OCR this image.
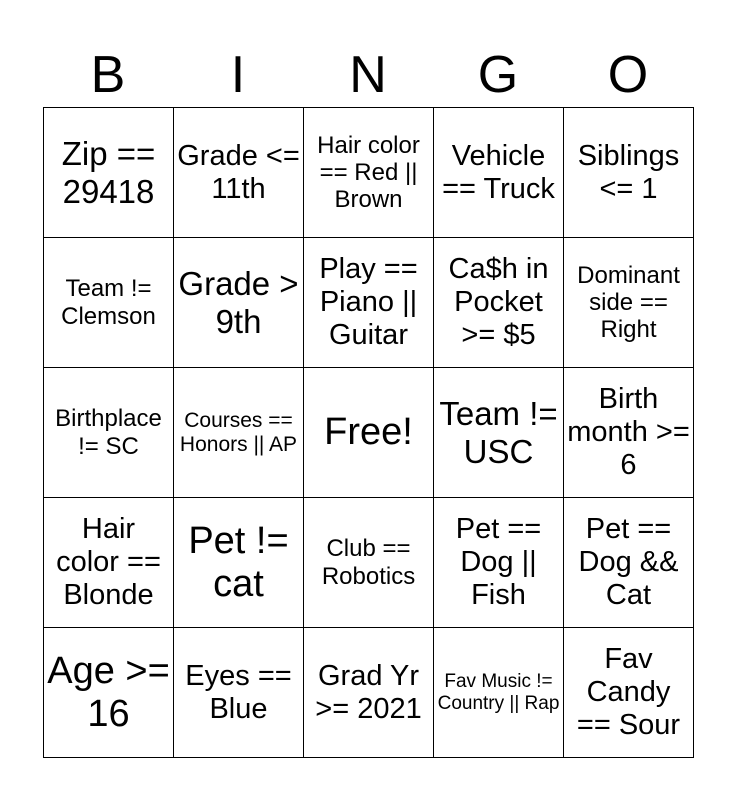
B	I	N	G	O
Zip == 29418	Grade <= 11th	Hair color == Red || Brown	Vehicle == Truck	Siblings <= 1
Team != Clemson	Grade > 9th	Play == Piano || Guitar	Ca$h in Pocket >= $5	Dominant side == Right
Birthplace != SC	Courses == Honors || AP	Free!	Team != USC	Birth month >= 6
Hair color == Blonde	Pet != cat	Club == Robotics	Pet == Dog || Fish	Pet == Dog && Cat
Age >= 16	Eyes == Blue	Grad Yr >= 2021	Fav Music != Country || Rap	Fav Candy == Sour
